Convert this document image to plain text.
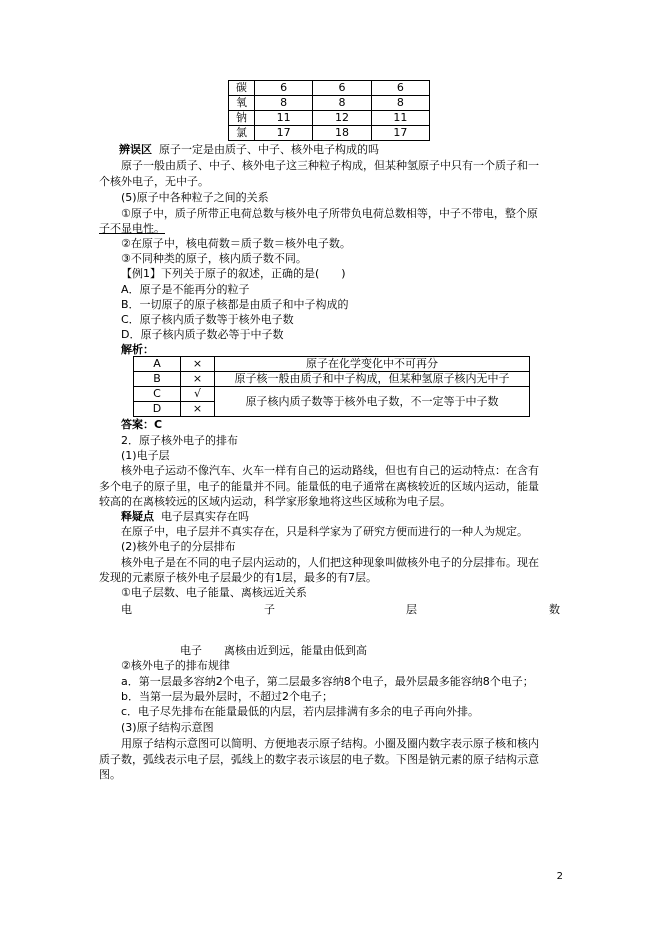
碳	6	6	6
氧	8	8	8
钠	11	12	11
氯	17	18	17
辨误区 原子一定是由质子、中子、核外电子构成的吗
原子一般由质子、中子、核外电子这三种粒子构成，但某种氢原子中只有一个质子和一
个核外电子，无中子。
(5)原子中各种粒子之间的关系
①原子中，质子所带正电荷总数与核外电子所带负电荷总数相等，中子不带电，整个原
子不显电性。
②在原子中，核电荷数＝质子数＝核外电子数。
③不同种类的原子，核内质子数不同。
【例1】下列关于原子的叙述，正确的是(　　)
A．原子是不能再分的粒子
B．一切原子的原子核都是由质子和中子构成的
C．原子核内质子数等于核外电子数
D．原子核内质子数必等于中子数
解析：
A	×	原子在化学变化中不可再分
B	×	原子核一般由质子和中子构成，但某种氢原子核内无中子
C	√	原子核内质子数等于核外电子数，不一定等于中子数
D	×	
答案：C
2．原子核外电子的排布
(1)电子层
核外电子运动不像汽车、火车一样有自己的运动路线，但也有自己的运动特点：在含有
多个电子的原子里，电子的能量并不同。能量低的电子通常在离核较近的区域内运动，能量
较高的在离核较远的区域内运动，科学家形象地将这些区域称为电子层。
释疑点 电子层真实存在吗
在原子中，电子层并不真实存在，只是科学家为了研究方便而进行的一种人为规定。
(2)核外电子的分层排布
核外电子是在不同的电子层内运动的，人们把这种现象叫做核外电子的分层排布。现在
发现的元素原子核外电子层最少的有1层，最多的有7层。
①电子层数、电子能量、离核远近关系
电	子	层	数
电子　　离核由近到远，能量由低到高
②核外电子的排布规律
a．第一层最多容纳2个电子，第二层最多容纳8个电子，最外层最多能容纳8个电子；
b．当第一层为最外层时，不超过2个电子；
c．电子尽先排布在能量最低的内层，若内层排满有多余的电子再向外排。
(3)原子结构示意图
用原子结构示意图可以简明、方便地表示原子结构。小圈及圈内数字表示原子核和核内
质子数，弧线表示电子层，弧线上的数字表示该层的电子数。下图是钠元素的原子结构示意
图。
2
